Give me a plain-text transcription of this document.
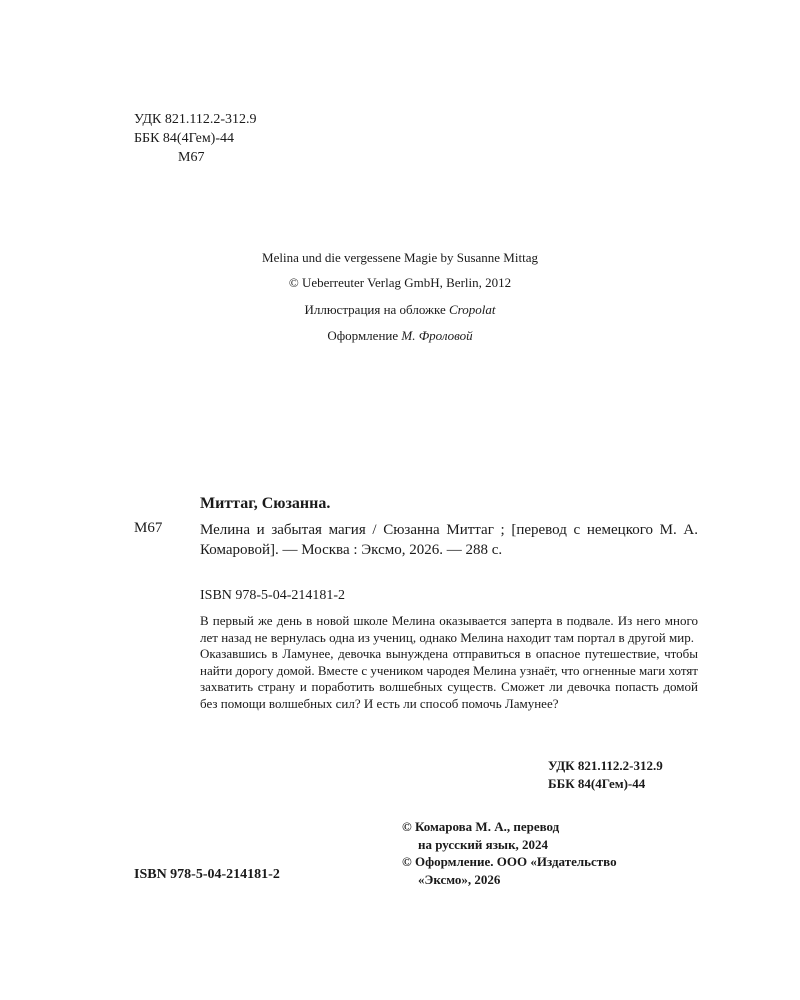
УДК 821.112.2-312.9
ББК 84(4Гем)-44
М67
Melina und die vergessene Magie by Susanne Mittag
© Ueberreuter Verlag GmbH, Berlin, 2012
Иллюстрация на обложке Cropolat
Оформление М. Фроловой
Миттаг, Сюзанна.
М67	Мелина и забытая магия / Сюзанна Миттаг ; [перевод с немецкого М. А. Комаровой]. — Москва : Эксмо, 2026. — 288 с.
ISBN 978-5-04-214181-2

В первый же день в новой школе Мелина оказывается заперта в подвале. Из него много лет назад не вернулась одна из учениц, однако Мелина находит там портал в другой мир.

Оказавшись в Ламунее, девочка вынуждена отправиться в опасное путешествие, чтобы найти дорогу домой. Вместе с учеником чародея Мелина узнаёт, что огненные маги хотят захватить страну и поработить волшебных существ. Сможет ли девочка попасть домой без помощи волшебных сил? И есть ли способ помочь Ламунее?

УДК 821.112.2-312.9
ББК 84(4Гем)-44
© Комарова М. А., перевод
на русский язык, 2024
© Оформление. ООО «Издательство
«Эксмо», 2026
ISBN 978-5-04-214181-2
